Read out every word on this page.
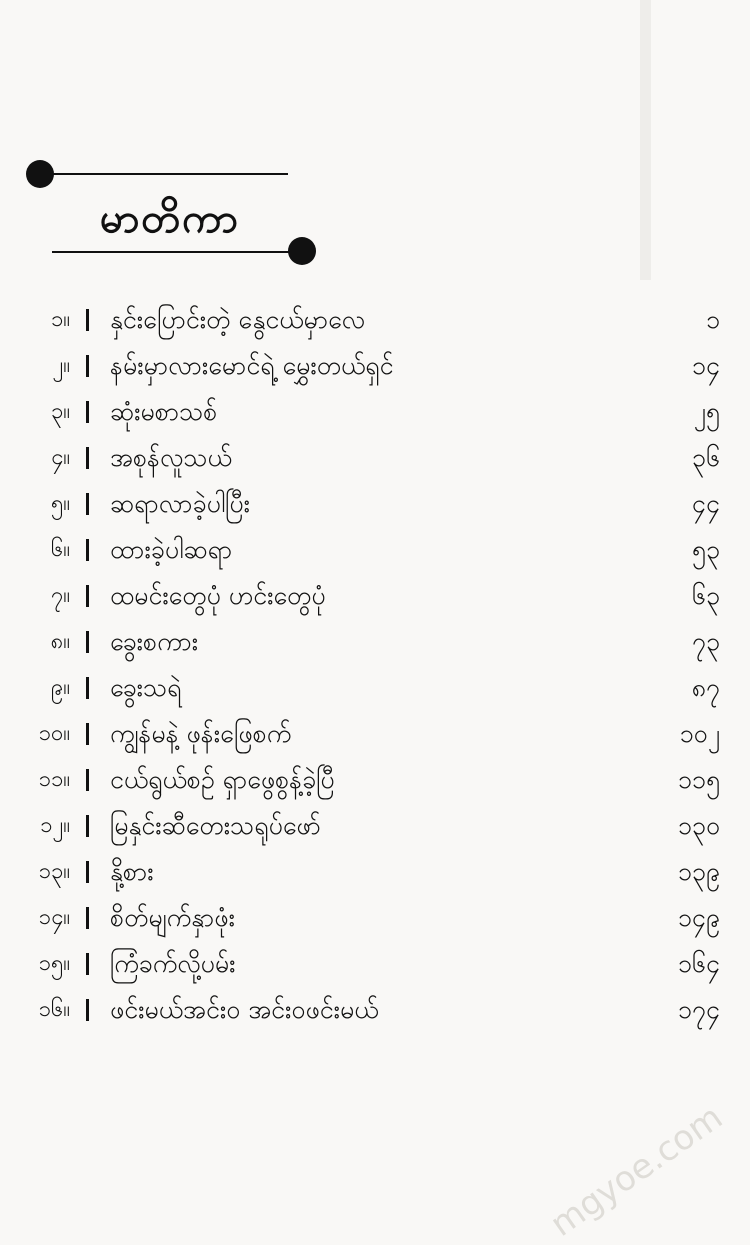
မာတိကာ
၁။ နှင်းပြောင်းတဲ့ နွေငယ်မှာလေ	၁
၂။ နမ်းမှာလားမောင်ရဲ့ မွှေးတယ်ရှင်	၁၄
၃။ ဆုံးမစာသစ်	၂၅
၄။ အစုန်လူသယ်	၃၆
၅။ ဆရာလာခဲ့ပါပြီး	၄၄
၆။ ထားခဲ့ပါဆရာ	၅၃
၇။ ထမင်းတွေပုံ ဟင်းတွေပုံ	၆၃
၈။ ခွေးစကား	၇၃
၉။ ခွေးသရဲ	၈၇
၁၀။ ကျွန်မနဲ့ ဖုန်းဖြေစက်	၁၀၂
၁၁။ ငယ်ရွယ်စဉ် ရှာဖွေစွန့်ခဲ့ပြီ	၁၁၅
၁၂။ မြနှင်းဆီတေးသရုပ်ဖော်	၁၃၀
၁၃။ နို့စား	၁၃၉
၁၄။ စိတ်မျက်နှာဖုံး	၁၄၉
၁၅။ ကြံခက်လို့ပမ်း	၁၆၄
၁၆။ ဖင်းမယ်အင်း၀ အင်း၀ဖင်းမယ်	၁၇၄
mgyoe.com
